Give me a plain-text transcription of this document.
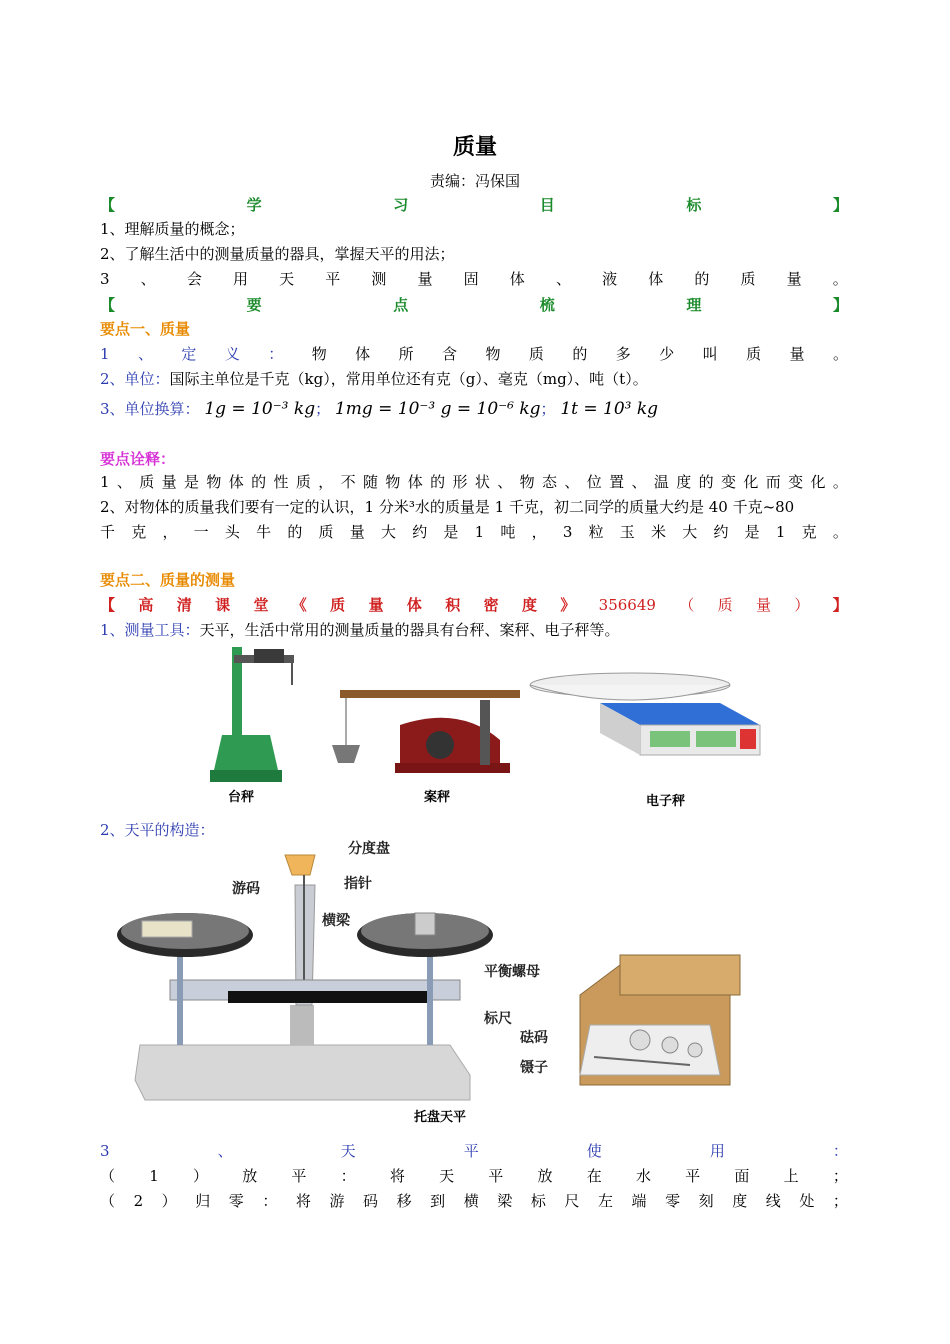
质量
责编：冯保国
【	学	习	目	标	】
1、理解质量的概念；
2、了解生活中的测量质量的器具，掌握天平的用法；
3 、 会 用 天 平 测 量 固 体 、 液 体 的 质 量 。
【	要	点	梳	理	】
要点一、质量
1 、 定 义 ： 物 体 所 含 物 质 的 多 少 叫 质 量 。
2、单位：国际主单位是千克（kg），常用单位还有克（g）、毫克（mg）、吨（t）。
3、单位换算： 1g = 10⁻³ kg； 1mg = 10⁻³ g = 10⁻⁶ kg； 1t = 10³ kg
要点诠释：
1 、 质 量 是 物 体 的 性 质 ， 不 随 物 体 的 形 状 、 物 态 、 位 置 、 温 度 的 变 化 而 变 化 。
2、对物体的质量我们要有一定的认识，1 分米³水的质量是 1 千克，初二同学的质量大约是 40 千克~80
千 克 ， 一 头 牛 的 质 量 大 约 是 1 吨 ， 3 粒 玉 米 大 约 是 1 克 。
要点二、质量的测量
【 高 清 课 堂 《 质 量 体 积 密 度 》 356649 （ 质 量 ） 】
1、测量工具：天平，生活中常用的测量质量的器具有台秤、案秤、电子秤等。
台秤	案秤	电子秤
2、天平的构造：
分度盘
指针
游码
横梁
平衡螺母
标尺
砝码
镊子
托盘天平
3	、	天	平	使	用	：
（ 1 ） 放 平 ： 将 天 平 放 在 水 平 面 上 ；
（ 2 ） 归 零 ： 将 游 码 移 到 横 梁 标 尺 左 端 零 刻 度 线 处 ；
